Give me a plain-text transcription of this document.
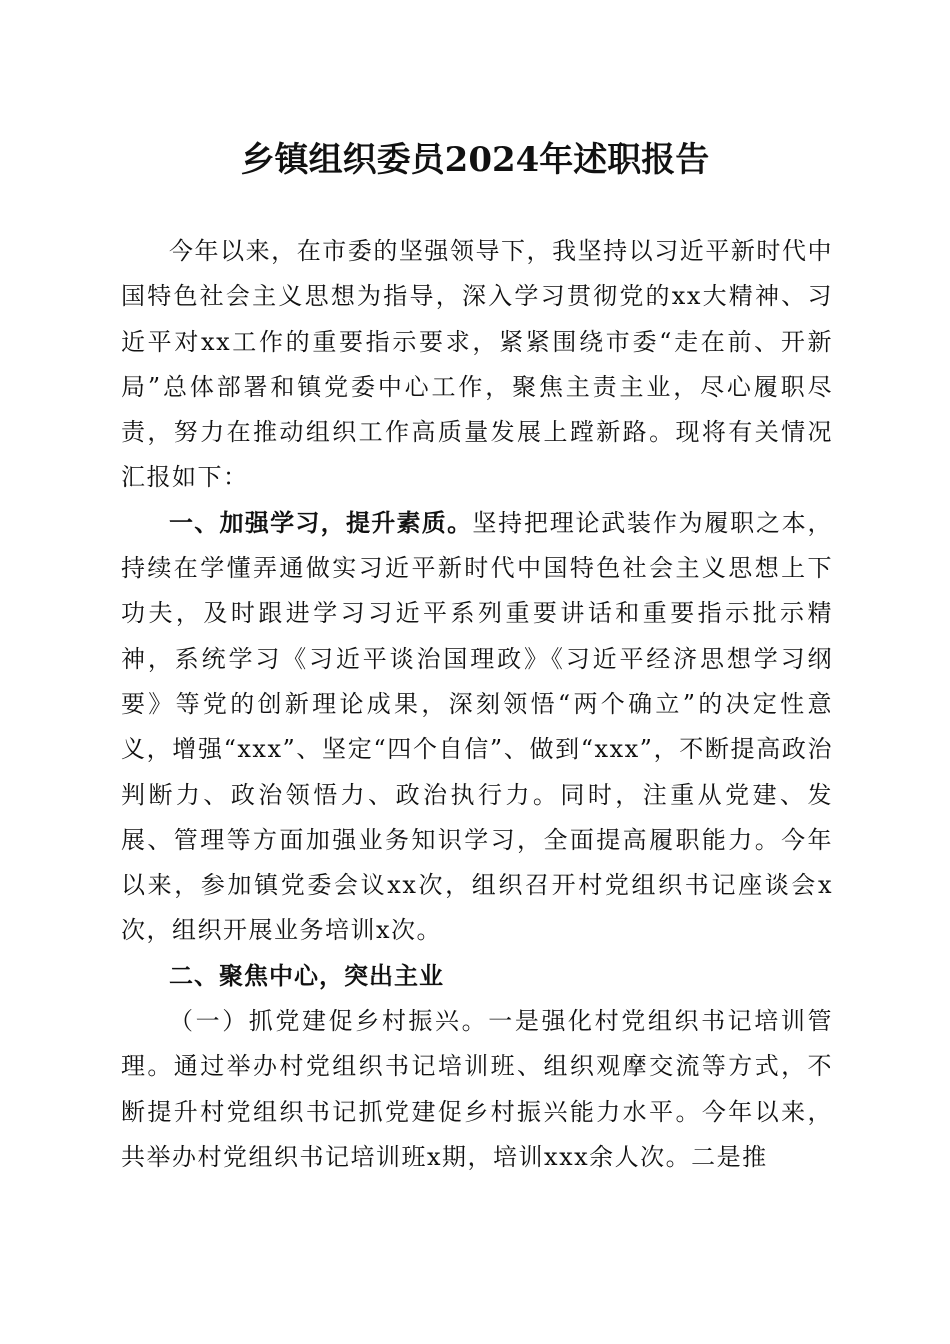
乡镇组织委员2024年述职报告

今年以来，在市委的坚强领导下，我坚持以习近平新时代中国特色社会主义思想为指导，深入学习贯彻党的xx大精神、习近平对xx工作的重要指示要求，紧紧围绕市委“走在前、开新局”总体部署和镇党委中心工作，聚焦主责主业，尽心履职尽责，努力在推动组织工作高质量发展上蹚新路。现将有关情况汇报如下：

一、加强学习，提升素质。坚持把理论武装作为履职之本，持续在学懂弄通做实习近平新时代中国特色社会主义思想上下功夫，及时跟进学习习近平系列重要讲话和重要指示批示精神，系统学习《习近平谈治国理政》《习近平经济思想学习纲要》等党的创新理论成果，深刻领悟“两个确立”的决定性意义，增强“xxx”、坚定“四个自信”、做到“xxx”，不断提高政治判断力、政治领悟力、政治执行力。同时，注重从党建、发展、管理等方面加强业务知识学习，全面提高履职能力。今年以来，参加镇党委会议xx次，组织召开村党组织书记座谈会x次，组织开展业务培训x次。

二、聚焦中心，突出主业

（一）抓党建促乡村振兴。一是强化村党组织书记培训管理。通过举办村党组织书记培训班、组织观摩交流等方式，不断提升村党组织书记抓党建促乡村振兴能力水平。今年以来，共举办村党组织书记培训班x期，培训xxx余人次。二是推
